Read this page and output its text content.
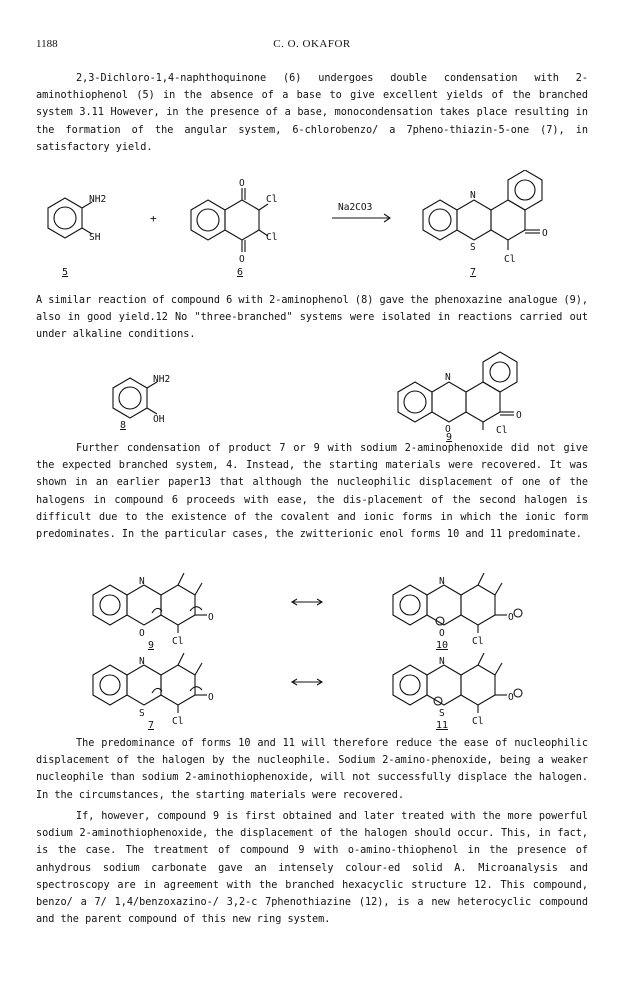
1188	C. O. OKAFOR
2,3-Dichloro-1,4-naphthoquinone (6) undergoes double condensation with 2-aminothiophenol (5) in the absence of a base to give excellent yields of the branched system 3.11 However, in the presence of a base, monocondensation takes place resulting in the formation of the angular system, 6-chlorobenzo/ a 7pheno-thiazin-5-one (7), in satisfactory yield.
NH2
SH
+
O
Cl
Cl
O
Na2CO3
N
S
Cl
O
5	6	7
A similar reaction of compound 6 with 2-aminophenol (8) gave the phenoxazine analogue (9), also in good yield.12 No "three-branched" systems were isolated in reactions carried out under alkaline conditions.
NH2
OH
N
O	Cl
O
8
9
Further condensation of product 7 or 9 with sodium 2-aminophenoxide did not give the expected branched system, 4. Instead, the starting materials were recovered. It was shown in an earlier paper13 that although the nucleophilic displacement of one of the halogens in compound 6 proceeds with ease, the dis-placement of the second halogen is difficult due to the existence of the covalent and ionic forms in which the ionic form predominates. In the particular cases, the zwitterionic enol forms 10 and 11 predominate.
N
O
Cl
O
N
O
Cl
O
N
S
Cl
O
N
S
Cl
O
9	10
7	11
The predominance of forms 10 and 11 will therefore reduce the ease of nucleophilic displacement of the halogen by the nucleophile. Sodium 2-amino-phenoxide, being a weaker nucleophile than sodium 2-aminothiophenoxide, will not successfully displace the halogen. In the circumstances, the starting materials were recovered.
If, however, compound 9 is first obtained and later treated with the more powerful sodium 2-aminothiophenoxide, the displacement of the halogen should occur. This, in fact, is the case. The treatment of compound 9 with o-amino-thiophenol in the presence of anhydrous sodium carbonate gave an intensely colour-ed solid A. Microanalysis and spectroscopy are in agreement with the branched hexacyclic structure 12. This compound, benzo/ a 7/ 1,4/benzoxazino-/ 3,2-c 7phenothiazine (12), is a new heterocyclic compound and the parent compound of this new ring system.
